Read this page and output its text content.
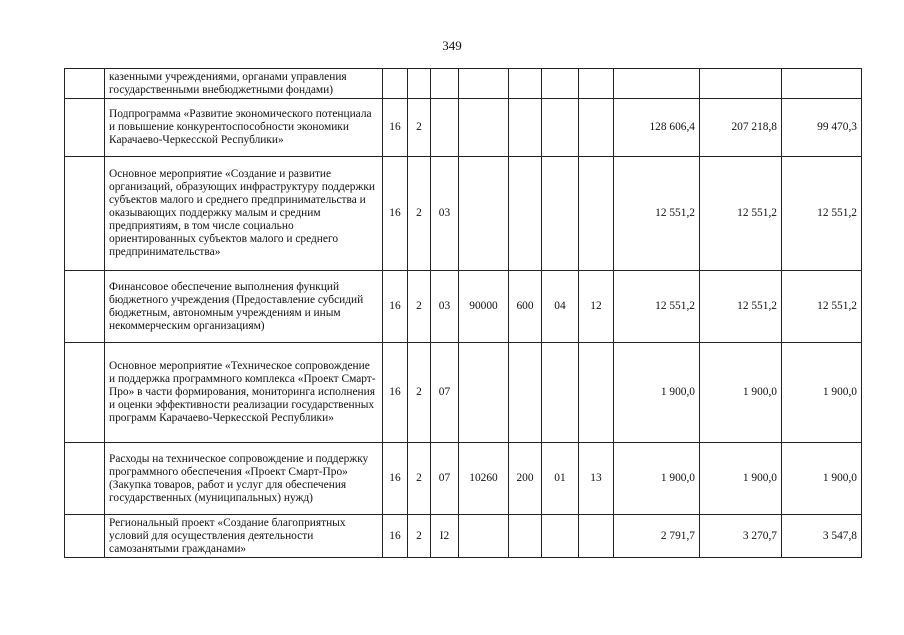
349
	казенными учреждениями, органами управления государственными внебюджетными фондами)										
	Подпрограмма «Развитие экономического потенциала и повышение конкурентоспособности экономики Карачаево-Черкесской Республики»	16	2						128 606,4	207 218,8	99 470,3
	Основное мероприятие «Создание и развитие организаций, образующих инфраструктуру поддержки субъектов малого и среднего предпринимательства и оказывающих поддержку малым и средним предприятиям, в том числе социально ориентированных субъектов малого и среднего предпринимательства»	16	2	03					12 551,2	12 551,2	12 551,2
	Финансовое обеспечение выполнения функций бюджетного учреждения (Предоставление субсидий бюджетным, автономным учреждениям и иным некоммерческим организациям)	16	2	03	90000	600	04	12	12 551,2	12 551,2	12 551,2
	Основное мероприятие «Техническое сопровождение и поддержка программного комплекса «Проект Смарт-Про» в части формирования, мониторинга исполнения и оценки эффективности реализации государственных программ Карачаево-Черкесской Республики»	16	2	07					1 900,0	1 900,0	1 900,0
	Расходы на техническое сопровождение и поддержку программного обеспечения «Проект Смарт-Про» (Закупка товаров, работ и услуг для обеспечения государственных (муниципальных) нужд)	16	2	07	10260	200	01	13	1 900,0	1 900,0	1 900,0
	Региональный проект «Создание благоприятных условий для осуществления деятельности самозанятыми гражданами»	16	2	I2					2 791,7	3 270,7	3 547,8
